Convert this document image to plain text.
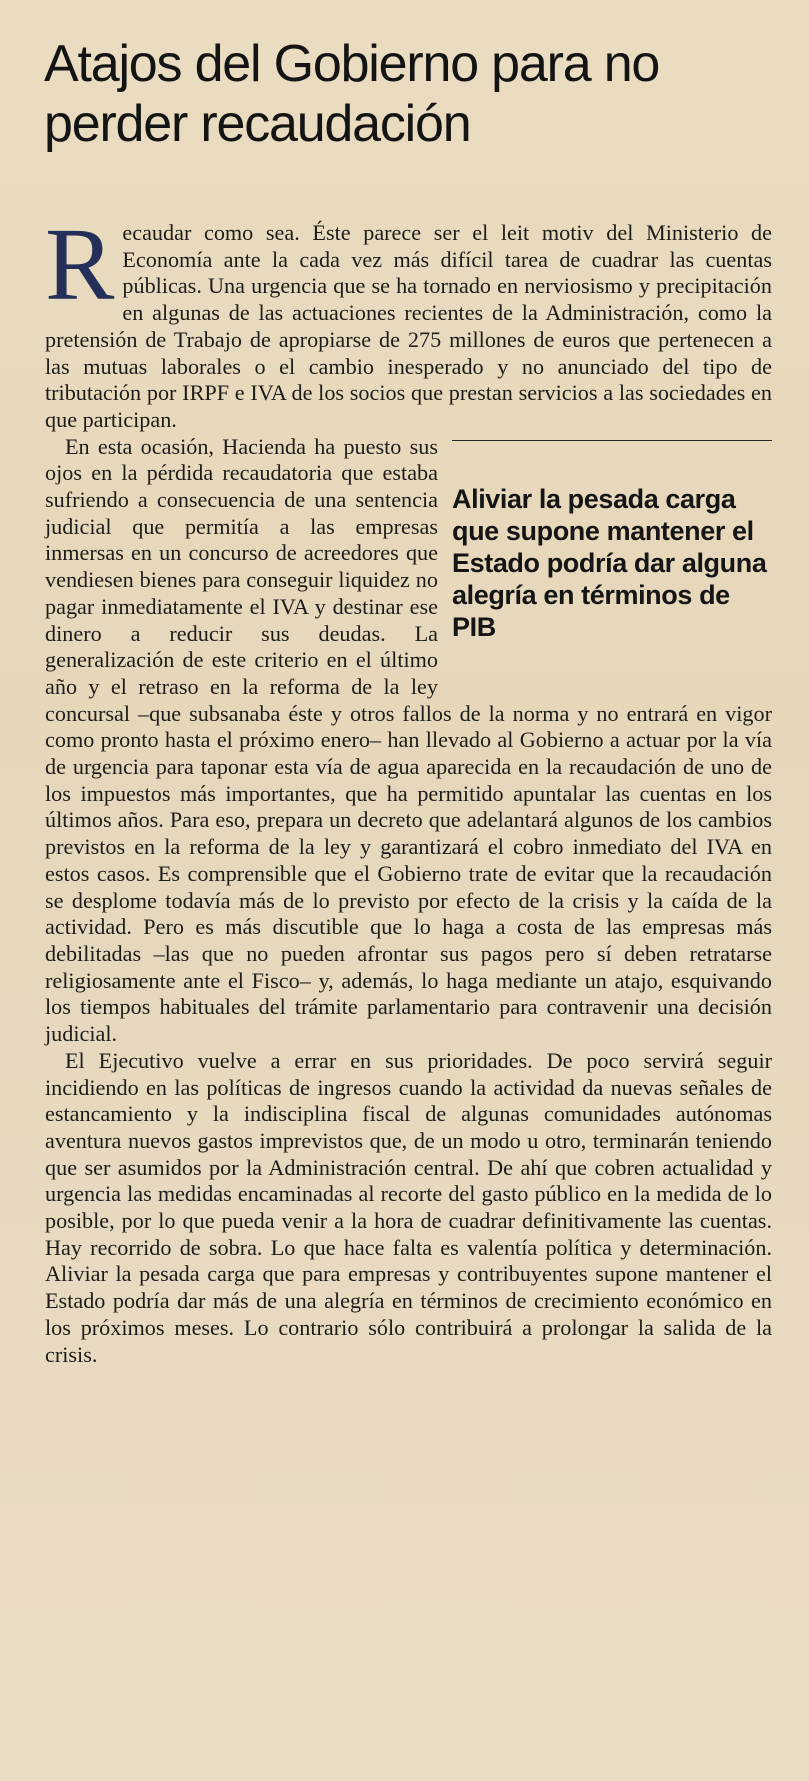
Atajos del Gobierno para no perder recaudación

Recaudar como sea. Éste parece ser el leit motiv del Ministerio de Economía ante la cada vez más difícil tarea de cuadrar las cuentas públicas. Una urgencia que se ha tornado en nerviosismo y precipitación en algunas de las actuaciones recientes de la Administración, como la pretensión de Trabajo de apropiarse de 275 millones de euros que pertenecen a las mutuas laborales o el cambio inesperado y no anunciado del tipo de tributación por IRPF e IVA de los socios que prestan servicios a las sociedades en que participan.

Aliviar la pesada carga que supone mantener el Estado podría dar alguna alegría en términos de PIB

En esta ocasión, Hacienda ha puesto sus ojos en la pérdida recaudatoria que estaba sufriendo a consecuencia de una sentencia judicial que permitía a las empresas inmersas en un concurso de acreedores que vendiesen bienes para conseguir liquidez no pagar inmediatamente el IVA y destinar ese dinero a reducir sus deudas. La generalización de este criterio en el último año y el retraso en la reforma de la ley concursal –que subsanaba éste y otros fallos de la norma y no entrará en vigor como pronto hasta el próximo enero– han llevado al Gobierno a actuar por la vía de urgencia para taponar esta vía de agua aparecida en la recaudación de uno de los impuestos más importantes, que ha permitido apuntalar las cuentas en los últimos años. Para eso, prepara un decreto que adelantará algunos de los cambios previstos en la reforma de la ley y garantizará el cobro inmediato del IVA en estos casos. Es comprensible que el Gobierno trate de evitar que la recaudación se desplome todavía más de lo previsto por efecto de la crisis y la caída de la actividad. Pero es más discutible que lo haga a costa de las empresas más debilitadas –las que no pueden afrontar sus pagos pero sí deben retratarse religiosamente ante el Fisco– y, además, lo haga mediante un atajo, esquivando los tiempos habituales del trámite parlamentario para contravenir una decisión judicial.

El Ejecutivo vuelve a errar en sus prioridades. De poco servirá seguir incidiendo en las políticas de ingresos cuando la actividad da nuevas señales de estancamiento y la indisciplina fiscal de algunas comunidades autónomas aventura nuevos gastos imprevistos que, de un modo u otro, terminarán teniendo que ser asumidos por la Administración central. De ahí que cobren actualidad y urgencia las medidas encaminadas al recorte del gasto público en la medida de lo posible, por lo que pueda venir a la hora de cuadrar definitivamente las cuentas. Hay recorrido de sobra. Lo que hace falta es valentía política y determinación. Aliviar la pesada carga que para empresas y contribuyentes supone mantener el Estado podría dar más de una alegría en términos de crecimiento económico en los próximos meses. Lo contrario sólo contribuirá a prolongar la salida de la crisis.
